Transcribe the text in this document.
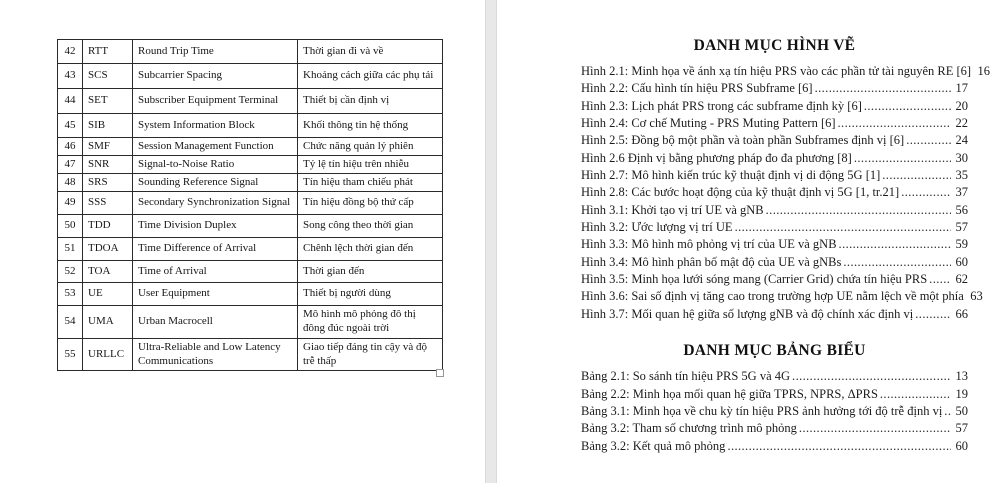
42	RTT	Round Trip Time	Thời gian đi và về
43	SCS	Subcarrier Spacing	Khoảng cách giữa các phụ tải
44	SET	Subscriber Equipment Terminal	Thiết bị cần định vị
45	SIB	System Information Block	Khối thông tin hệ thống
46	SMF	Session Management Function	Chức năng quản lý phiên
47	SNR	Signal-to-Noise Ratio	Tỷ lệ tín hiệu trên nhiễu
48	SRS	Sounding Reference Signal	Tín hiệu tham chiếu phát
49	SSS	Secondary Synchronization Signal	Tín hiệu đồng bộ thứ cấp
50	TDD	Time Division Duplex	Song công theo thời gian
51	TDOA	Time Difference of Arrival	Chênh lệch thời gian đến
52	TOA	Time of Arrival	Thời gian đến
53	UE	User Equipment	Thiết bị người dùng
54	UMA	Urban Macrocell	Mô hình mô phỏng đô thị đông đúc ngoài trời
55	URLLC	Ultra-Reliable and Low Latency Communications	Giao tiếp đáng tin cậy và độ trễ thấp
DANH MỤC HÌNH VẼ
Hình 2.1: Minh họa về ánh xạ tín hiệu PRS vào các phần tử tài nguyên RE [6] 16
Hình 2.2: Cấu hình tín hiệu PRS Subframe [6] .....	17
Hình 2.3: Lịch phát PRS trong các subframe định kỳ [6] .....	20
Hình 2.4: Cơ chế Muting - PRS Muting Pattern [6] .....	22
Hình 2.5: Đồng bộ một phần và toàn phần Subframes định vị [6] .....	24
Hình 2.6 Định vị bằng phương pháp đo đa phương [8] .....	30
Hình 2.7: Mô hình kiến trúc kỹ thuật định vị di động 5G [1] .....	35
Hình 2.8: Các bước hoạt động của kỹ thuật định vị 5G [1, tr.21] .....	37
Hình 3.1: Khởi tạo vị trí UE và gNB .....	56
Hình 3.2: Ước lượng vị trí UE .....	57
Hình 3.3: Mô hình mô phỏng vị trí của UE và gNB .....	59
Hình 3.4: Mô hình phân bố mật độ của UE và gNBs .....	60
Hình 3.5: Minh họa lưới sóng mang (Carrier Grid) chứa tín hiệu PRS ..... 62
Hình 3.6: Sai số định vị tăng cao trong trường hợp UE nằm lệch về một phía 63
Hình 3.7: Mối quan hệ giữa số lượng gNB và độ chính xác định vị .....	66
DANH MỤC BẢNG BIỂU
Bảng 2.1: So sánh tín hiệu PRS 5G và 4G .....	13
Bảng 2.2: Minh họa mối quan hệ giữa TPRS, NPRS, ΔPRS .....	19
Bảng 3.1: Minh họa về chu kỳ tín hiệu PRS ảnh hưởng tới độ trễ định vị ..... 50
Bảng 3.2: Tham số chương trình mô phỏng .....	57
Bảng 3.2: Kết quả mô phỏng .....	60
